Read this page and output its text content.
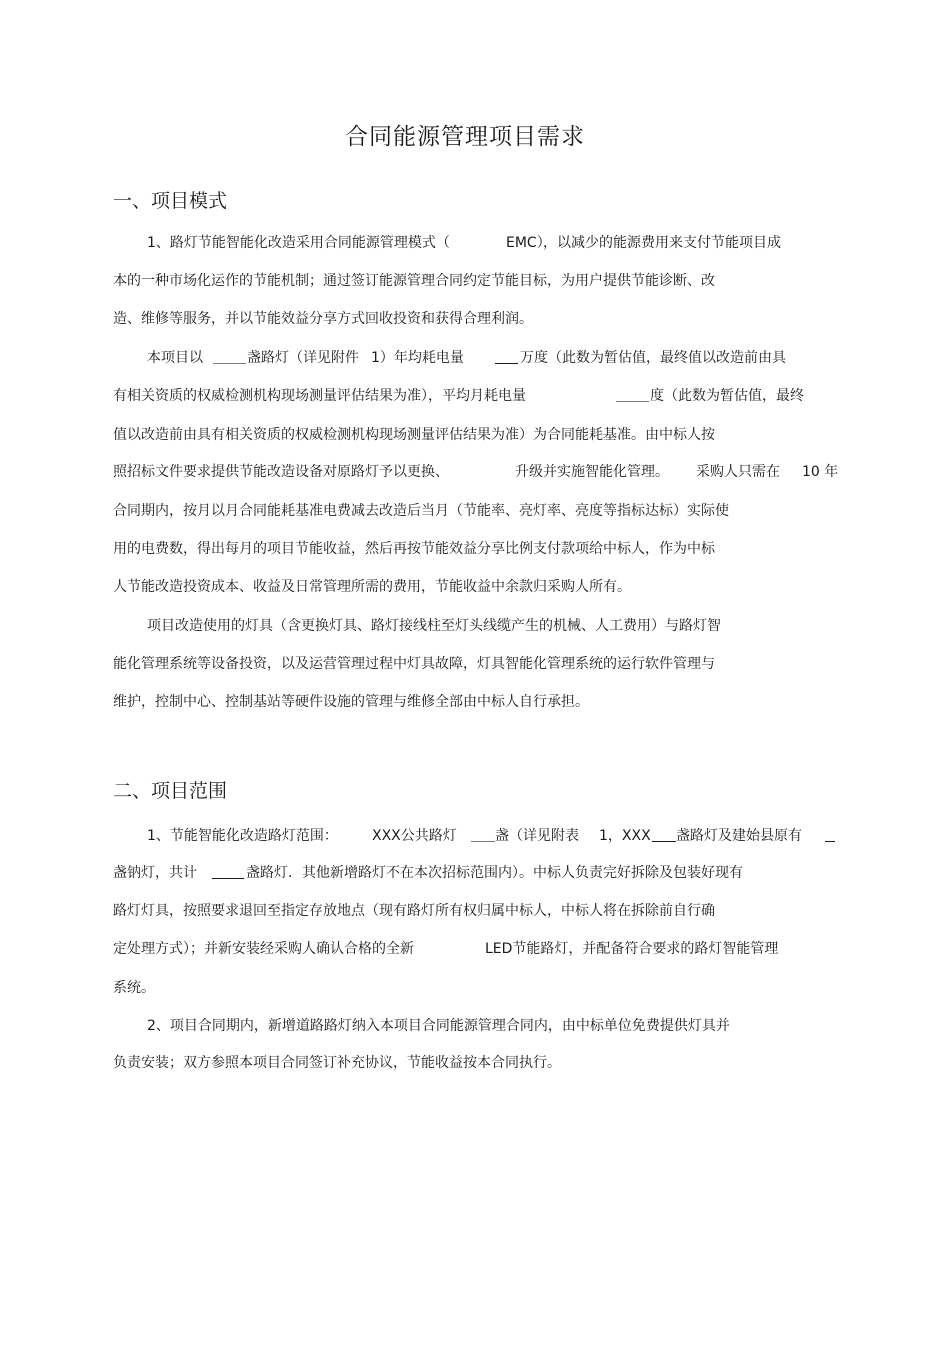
合同能源管理项目需求
一、项目模式
1、路灯节能智能化改造采用合同能源管理模式（	EMC）
，以减少的能源费用来支付节能项目成
本的一种市场化运作的节能机制；通过签订能源管理合同约定节能目标，为用户提供节能诊断、改
造、维修等服务，并以节能效益分享方式回收投资和获得合理利润。
本项目以	盏路灯（详见附件 1）年均耗电量	万度（此数为暂估值，最终值以改造前由具
有相关资质的权威检测机构现场测量评估结果为准），平均月耗电量	度（此数为暂估值，最终
值以改造前由具有相关资质的权威检测机构现场测量评估结果为准）为合同能耗基准。由中标人按
照招标文件要求提供节能改造设备对原路灯予以更换、	升级并实施智能化管理。 采购人只需在 10 年
合同期内，按月以月合同能耗基准电费减去改造后当月（节能率、亮灯率、亮度等指标达标）实际使
用的电费数，得出每月的项目节能收益，然后再按节能效益分享比例支付款项给中标人，作为中标
人节能改造投资成本、收益及日常管理所需的费用，节能收益中余款归采购人所有。
项目改造使用的灯具（含更换灯具、路灯接线柱至灯头线缆产生的机械、人工费用）与路灯智
能化管理系统等设备投资，以及运营管理过程中灯具故障，灯具智能化管理系统的运行软件管理与
维护，控制中心、控制基站等硬件设施的管理与维修全部由中标人自行承担。
二、项目范围
1、节能智能化改造路灯范围： XXX公共路灯	盏（详见附表 1，XXX 盏路灯及建始县原有
盏钠灯，共计	盏路灯．其他新增路灯不在本次招标范围内）。中标人负责完好拆除及包装好现有
路灯灯具，按照要求退回至指定存放地点（现有路灯所有权归属中标人，中标人将在拆除前自行确
定处理方式）；并新安装经采购人确认合格的全新	LED节能路灯，并配备符合要求的路灯智能管理
系统。
2、项目合同期内，新增道路路灯纳入本项目合同能源管理合同内，由中标单位免费提供灯具并
负责安装；双方参照本项目合同签订补充协议，节能收益按本合同执行。
